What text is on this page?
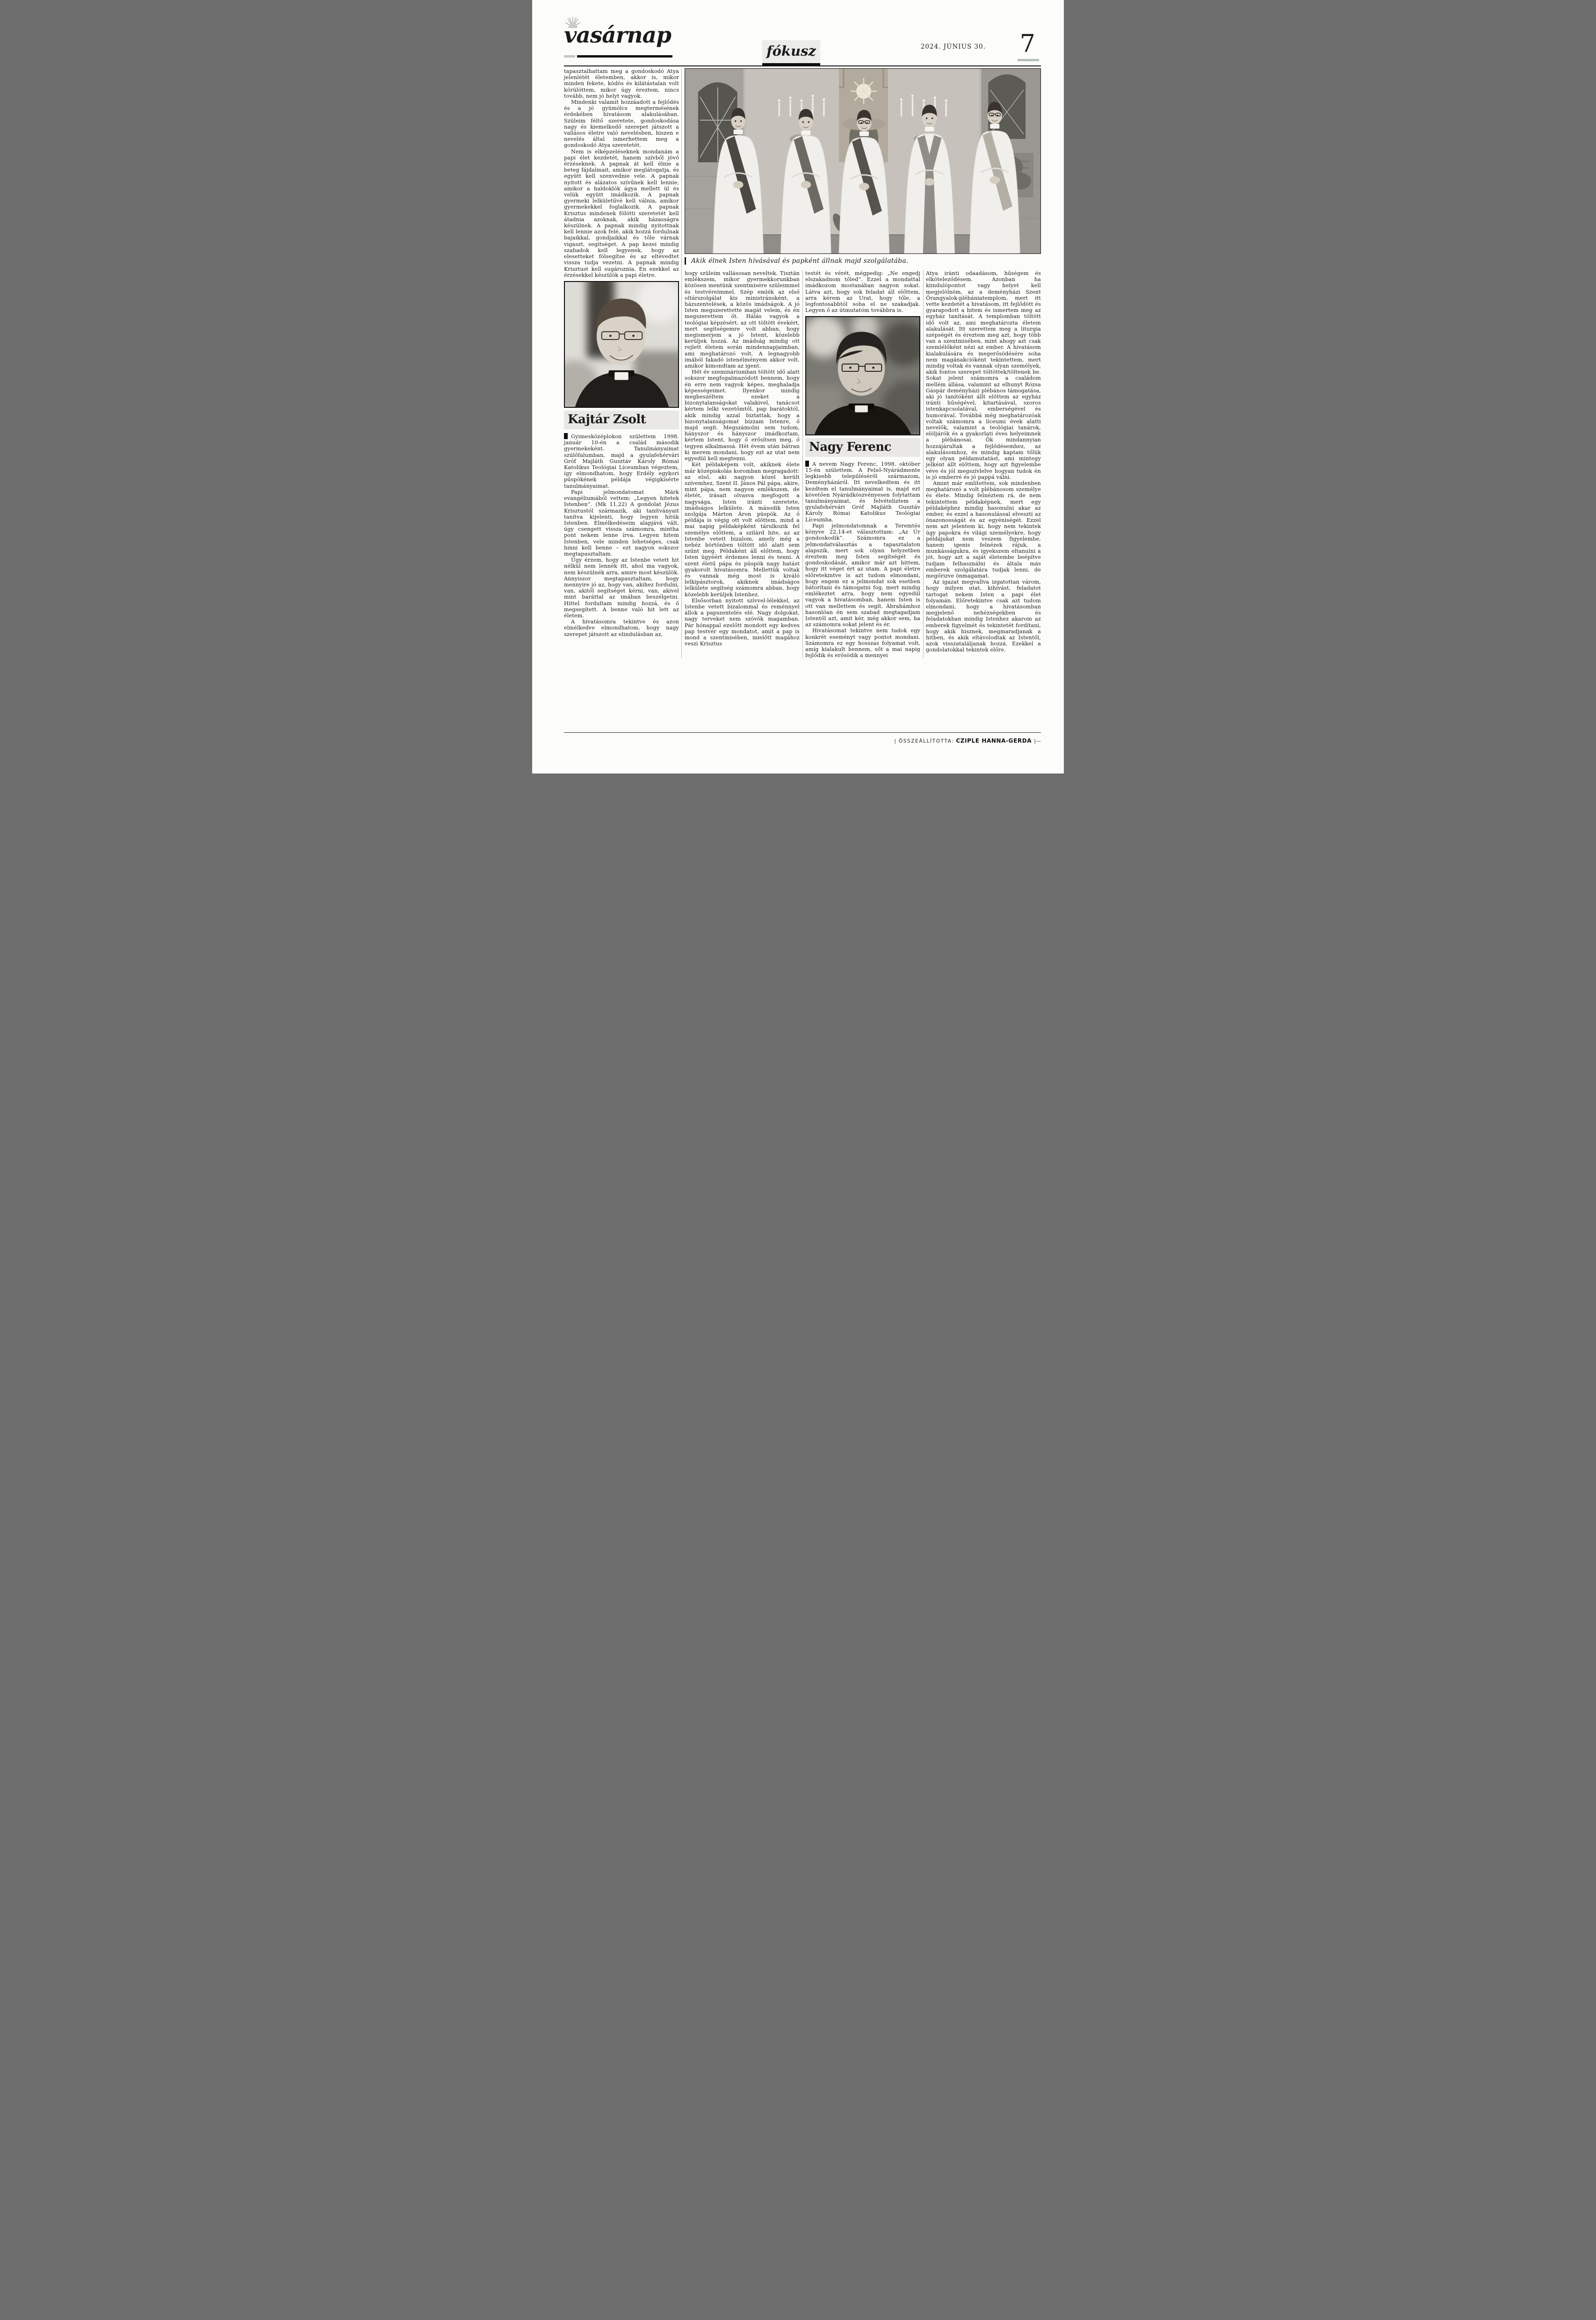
vasárnap
fókusz	2024. JÚNIUS 30. 7

tapasztalhattam meg a gondoskodó Atya jelenlétét életemben, akkor is, mikor minden fekete, ködös és kilátástalan volt körülöttem, mikor úgy éreztem, nincs tovább, nem jó helyt vagyok.

Mindenki valamit hozzáadott a fejlődés és a jó gyümölcs megtermésének érdekében hivatásom alakulásában. Szüleim féltő szeretete, gondoskodása nagy és kiemelkedő szerepet játszott a vallásos életre való nevelésben, hiszen e nevelés által ismerhettem meg a gondoskodó Atya szeretetét.

Nem is elképzeléseknek mondanám a papi élet kezdetét, hanem szívből jövő érzéseknek. A papnak át kell élnie a beteg fájdalmait, amikor meglátogatja, és együtt kell szenvednie vele. A papnak nyitott és alázatos szívűnek kell lennie, amikor a haldoklók ágya mellett ül és velük együtt imádkozik. A papnak gyermeki lelkületűvé kell válnia, amikor gyermekekkel foglalkozik. A papnak Krisztus mindenek fölötti szeretetét kell átadnia azoknak, akik házasságra készülnek. A papnak mindig nyitottnak kell lennie azok felé, akik hozzá fordulnak bajaikkal, gondjaikkal és tőle várnak vigaszt, segítséget. A pap kezei mindig szabadok kell legyenek, hogy az elesetteket fölsegítse és az eltévedtet vissza tudja vezetni. A papnak mindig Krisztust kell sugároznia. Én ezekkel az érzésekkel készülök a papi életre.

Kajtár Zsolt

Gyimesközéplokon születtem 1998. január 10-én a család második gyermekeként. Tanulmányaimat szülőfalumban, majd a gyulafehérvári Gróf Majláth Gusztáv Károly Római Katolikus Teológiai Líceumban végeztem, így elmondhatom, hogy Erdély egykori püspökének példája végigkísérte tanulmányaimat.

Papi jelmondatomat Márk evangéliumából vettem: „Legyen hitetek Istenben”. (Mk 11,22) A gondolat Jézus Krisztustól származik, aki tanítványait tanítva kijelenti, hogy legyen hitük Istenben. Elmélkedéseim alapjává vált, úgy csengett vissza számomra, mintha pont nekem lenne írva. Legyen hitem Istenben, vele minden lehetséges, csak hinni kell benne – ezt nagyon sokszor megtapasztaltam.

Úgy érzem, hogy az Istenbe vetett hit nélkül nem lennék itt, ahol ma vagyok, nem készülnék arra, amire most készülök. Annyiszor megtapasztaltam, hogy mennyire jó az, hogy van, akihez fordulni, van, akitől segítséget kérni, van, akivel mint baráttal az imában beszélgetni. Hittel fordultam mindig hozzá, és ő megsegített. A benne való hit lett az életem.

A hivatásomra tekintve és azon elmélkedve elmondhatom, hogy nagy szerepet játszott az elindulásban az,

Akik élnek Isten hívásával és papként állnak majd szolgálatába.

hogy szüleim vallásosan neveltek. Tisztán emlékszem, mikor gyermekkorunkban közösen mentünk szentmisére szüleimmel és testvéreimmel. Szép emlék az első oltárszolgálat kis ministránsként, a házszentelések, a közös imádságok. A jó Isten megszerettette magát velem, és én megszerettem őt. Hálás vagyok a teológiai képzésért, az ott töltött évekért, mert segítségemre volt abban, hogy megismerjem a jó Istent, közelebb kerüljek hozzá. Az imádság mindig ott rejlett életem során mindennapjaimban, ami meghatározó volt. A legnagyobb imából fakadó istenélményem akkor volt, amikor kimondtam az igent.

Hét év szemináriumban töltött idő alatt sokszor megfogalmazódott bennem, hogy én erre nem vagyok képes, meghaladja képességeimet. Ilyenkor mindig megbeszéltem ezeket a bizonytalanságokat valakivel, tanácsot kértem lelki vezetőmtől, pap barátoktól, akik mindig azzal biztattak, hogy a bizonytalanságomat bízzam Istenre, ő majd segít. Megszámolni sem tudom, hányszor és hányszor imádkoztam, kértem Istent, hogy ő erősítsen meg, ő tegyen alkalmassá. Hét évem után bátran ki merem mondani, hogy ezt az utat nem egyedül kell megtenni.

Két példaképem volt, akiknek élete már középiskolás koromban megragadott: az első, aki nagyon közel került szívemhez, Szent II. János Pál pápa, akire, mint pápa, nem nagyon emlékszem, de életét, írásait olvasva megfogott a nagysága, Isten iránti szeretete, imádságos lelkülete. A második Isten szolgája Márton Áron püspök. Az ő példája is végig ott volt előttem, mind a mai napig példaképként tárulkozik fel személye előttem, a szilárd hite, az az Istenbe vetett bizalom, amely még a nehéz börtönben töltött idő alatt sem szűnt meg. Példaként áll előttem, hogy Isten ügyéért érdemes lenni és tenni. A szent életű pápa és püspök nagy hatást gyakorolt hivatásomra. Mellettük voltak és vannak még most is kiváló lelkipásztorok, akiknek imádságos lelkülete segítség számomra abban, hogy közelebb kerüljek Istenhez.

Elsősorban nyitott szívvel-lélekkel, az Istenbe vetett bizalommal és reménnyel állok a papszentelés elé. Nagy dolgokat, nagy terveket nem szövök magamban. Pár hónappal ezelőtt mondott egy kedves pap testvér egy mondatot, amit a pap is mond a szentmisében, mielőtt magához veszi Krisztus

testét és vérét, mégpedig: „Ne engedj elszakadnom tőled”. Ezzel a mondattal imádkozom mostanában nagyon sokat. Látva azt, hogy sok feladat áll előttem, arra kérem az Urat, hogy tőle, a legfontosabbtól soha el ne szakadjak. Legyen ő az útmutatóm továbbra is.

Nagy Ferenc

A nevem Nagy Ferenc, 1998. október 15-én születtem. A Felső-Nyárádmente legkisebb településéről származom, Deményházáról. Itt nevelkedtem és itt kezdtem el tanulmányaimat is, majd ezt követően Nyárádköszvényesen folytattam tanulmányaimat, és felvételiztem a gyulafehérvári Gróf Majláth Gusztáv Károly Római Katolikus Teológiai Líceumba.

Papi jelmondatomnak a Teremtés könyve 22,14-et választottam: „Az Úr gondoskodik”. Számomra ez a jelmondatválasztás a tapasztalaton alapszik, mert sok olyan helyzetben éreztem meg Isten segítségét és gondoskodását, amikor már azt hittem, hogy itt véget ért az utam. A papi életre előretekintve is azt tudom elmondani, hogy engem ez a jelmondat sok esetben bátorítani és támogatni fog, mert mindig emlékeztet arra, hogy nem egyedül vagyok a hivatásomban, hanem Isten is ott van mellettem és segít. Ábrahámhoz hasonlóan én sem szabad megtagadjam Istentől azt, amit kér, még akkor sem, ha az számomra sokat jelent és ér.

Hivatásomat tekintve nem tudok egy konkrét eseményt vagy pontot mondani. Számomra ez egy hosszas folyamat volt, amíg kialakult bennem, sőt a mai napig fejlődik és erősödik a mennyei

Atya iránti odaadásom, hűségem és elköteleződésem. Azonban ha kiindulópontot vagy helyet kell megjelölnöm, az a deményházi Szent Őrangyalok-plébániatemplom, mert itt vette kezdetét a hivatásom, itt fejlődött és gyarapodott a hitem és ismertem meg az egyház tanítását. A templomban töltött idő volt az, ami meghatározta életem alakulását. Itt szerettem meg a liturgia szépségét és éreztem meg azt, hogy több van a szentmisében, mint ahogy azt csak szemlélőként nézi az ember. A hivatásom kialakulására és megerősödésére soha nem magánakcióként tekintettem, mert mindig voltak és vannak olyan személyek, akik fontos szerepet töltöttek/töltenek be. Sokat jelent számomra a családom mellém állása, valamint az elhunyt Rózsa Gáspár deményházi plébános támogatása, aki jó tanítóként állt előttem az egyház iránti hűségével, kitartásával, szoros istenkapcsolatával, emberségével és humorával. Továbbá még meghatározóak voltak számomra a líceumi évek alatti nevelők, valamint a teológiai tanárok, elöljárók és a gyakorlati éves helyeimnek a plébánosai. Ők mindannyian hozzájárultak a fejlődésemhez, az alakulásomhoz, és mindig kaptam tőlük egy olyan példamutatást, ami mintegy jelként állt előttem, hogy azt figyelembe véve és jól megszívlelve hogyan tudok én is jó emberré és jó pappá válni.

Amint már említettem, sok mindenben meghatározó a volt plébánosom személye és élete. Mindig felnéztem rá, de nem tekintettem példaképnek, mert egy példaképhez mindig hasonulni akar az ember, és ezzel a hasonulással elveszti az önazonosságát és az egyéniségét. Ezzel nem azt jelentem ki, hogy nem tekintek úgy papokra és világi személyekre, hogy példájukat nem veszem figyelembe, hanem igenis felnézek rájuk, a munkásságukra, és igyekszem eltanulni a jót, hogy azt a saját életembe beépítve tudjam felhasználni és általa más emberek szolgálatára tudjak lenni, de megőrizve önmagamat.

Az igazat megvallva izgatottan várom, hogy milyen utat, kihívást, feladatot tartogat nekem Isten a papi élet folyamán. Előretekintve csak azt tudom elmondani, hogy a hivatásomban megjelenő nehézségekben és feladatokban mindig Istenhez akarom az emberek figyelmét és tekintetét fordítani, hogy akik hisznek, megmaradjanak a hitben, és akik eltávolodtak az Istentől, azok visszataláljanak hozzá. Ezekkel a gondolatokkal tekintek előre.

| ÖSSZEÁLLÍTOTTA: CZIPLE HANNA-GERDA |—
